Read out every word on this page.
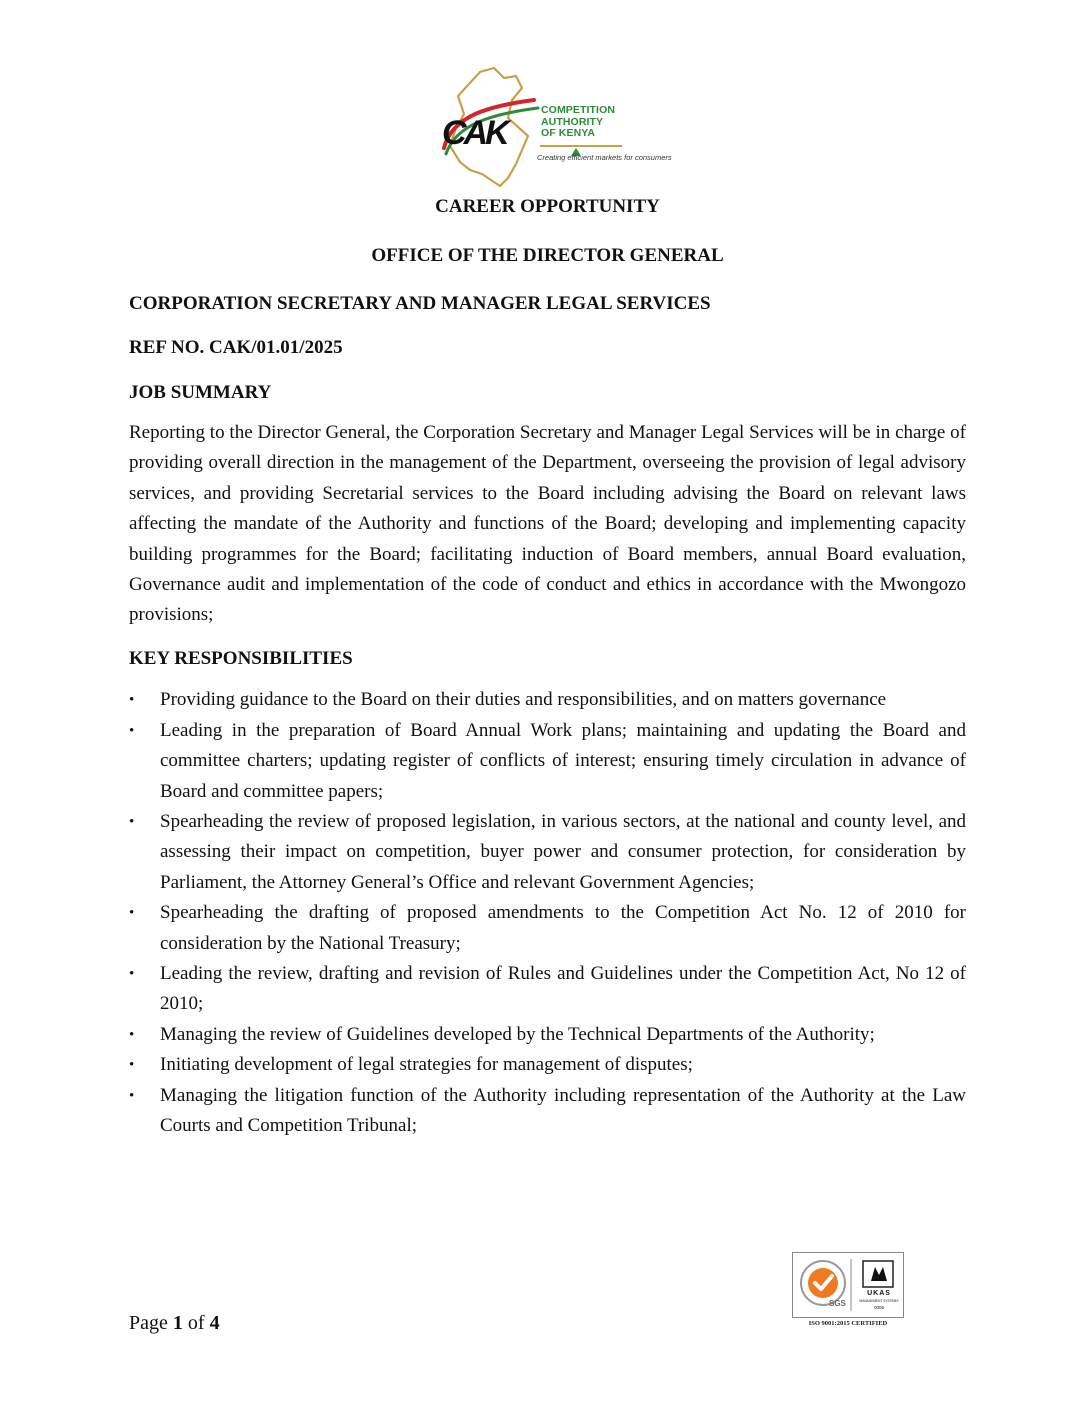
CAK
COMPETITION
AUTHORITY
OF KENYA
Creating efficient markets for consumers

CAREER OPPORTUNITY

OFFICE OF THE DIRECTOR GENERAL

CORPORATION SECRETARY AND MANAGER LEGAL SERVICES

REF NO. CAK/01.01/2025

JOB SUMMARY

Reporting to the Director General, the Corporation Secretary and Manager Legal Services will be in charge of providing overall direction in the management of the Department, overseeing the provision of legal advisory services, and providing Secretarial services to the Board including advising the Board on relevant laws affecting the mandate of the Authority and functions of the Board; developing and implementing capacity building programmes for the Board; facilitating induction of Board members, annual Board evaluation, Governance audit and implementation of the code of conduct and ethics in accordance with the Mwongozo provisions;

KEY RESPONSIBILITIES

• Providing guidance to the Board on their duties and responsibilities, and on matters governance
• Leading in the preparation of Board Annual Work plans; maintaining and updating the Board and committee charters; updating register of conflicts of interest; ensuring timely circulation in advance of Board and committee papers;
• Spearheading the review of proposed legislation, in various sectors, at the national and county level, and assessing their impact on competition, buyer power and consumer protection, for consideration by Parliament, the Attorney General’s Office and relevant Government Agencies;
• Spearheading the drafting of proposed amendments to the Competition Act No. 12 of 2010 for consideration by the National Treasury;
• Leading the review, drafting and revision of Rules and Guidelines under the Competition Act, No 12 of 2010;
• Managing the review of Guidelines developed by the Technical Departments of the Authority;
• Initiating development of legal strategies for management of disputes;
• Managing the litigation function of the Authority including representation of the Authority at the Law Courts and Competition Tribunal;
Page 1 of 4
SGS
UKAS
MANAGEMENT SYSTEMS
0005
ISO 9001:2015 CERTIFIED
